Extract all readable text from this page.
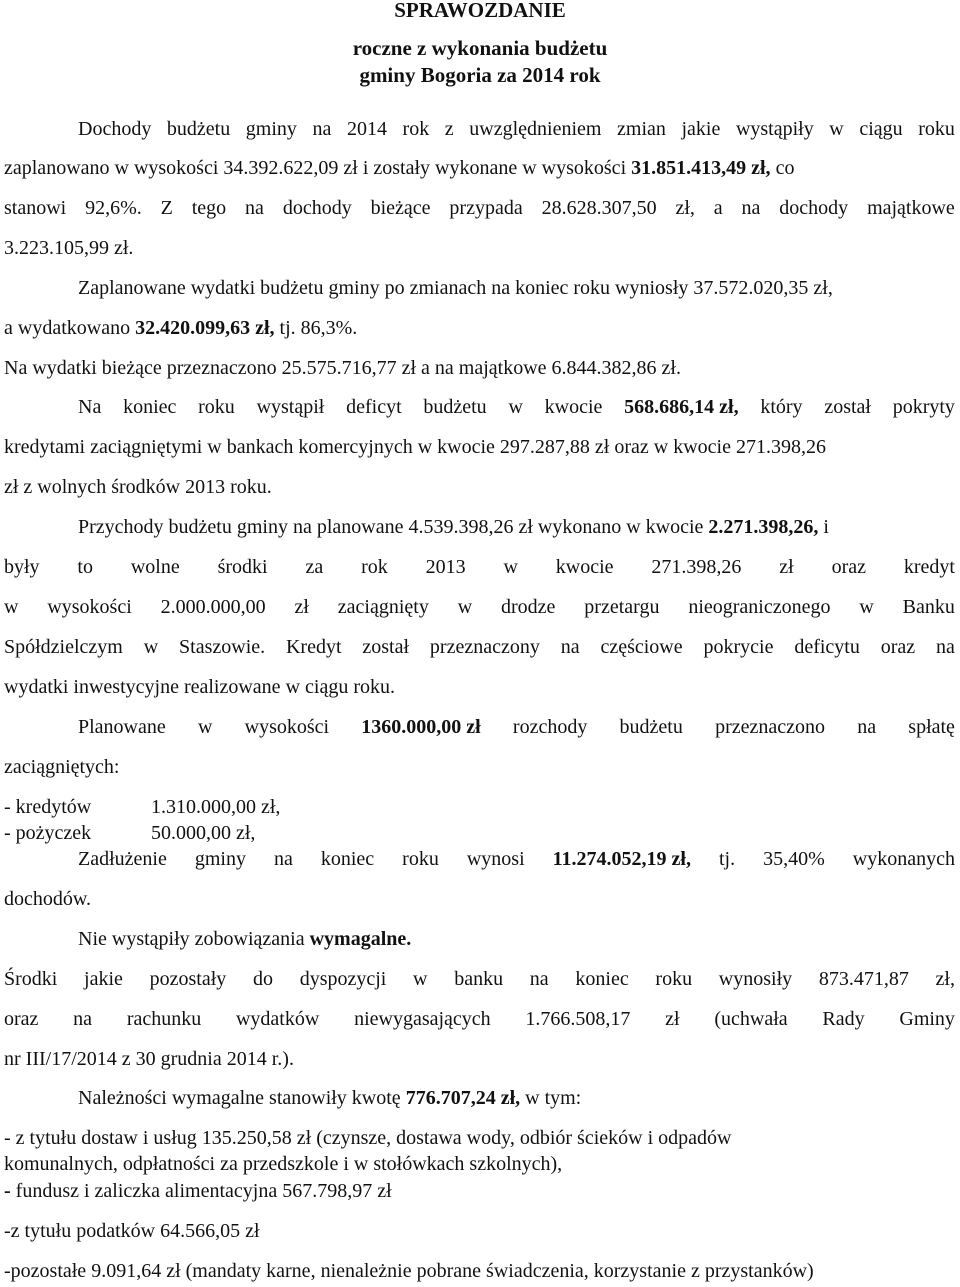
SPRAWOZDANIE
roczne z wykonania budżetu
gminy Bogoria za 2014 rok
Dochody budżetu gminy na 2014 rok z uwzględnieniem zmian jakie wystąpiły w ciągu roku
zaplanowano w wysokości 34.392.622,09 zł i zostały wykonane w wysokości 31.851.413,49 zł, co
stanowi 92,6%. Z tego na dochody bieżące przypada 28.628.307,50 zł, a na dochody majątkowe
3.223.105,99 zł.
Zaplanowane wydatki budżetu gminy po zmianach na koniec roku wyniosły 37.572.020,35 zł,
a wydatkowano 32.420.099,63 zł, tj. 86,3%.
Na wydatki bieżące przeznaczono 25.575.716,77 zł a na majątkowe 6.844.382,86 zł.
Na koniec roku wystąpił deficyt budżetu w kwocie 568.686,14 zł, który został pokryty
kredytami zaciągniętymi w bankach komercyjnych w kwocie 297.287,88 zł oraz w kwocie 271.398,26
zł z wolnych środków 2013 roku.
Przychody budżetu gminy na planowane 4.539.398,26 zł wykonano w kwocie 2.271.398,26, i
były to wolne środki za rok 2013 w kwocie 271.398,26 zł oraz kredyt
w wysokości 2.000.000,00 zł zaciągnięty w drodze przetargu nieograniczonego w Banku
Spółdzielczym w Staszowie. Kredyt został przeznaczony na częściowe pokrycie deficytu oraz na
wydatki inwestycyjne realizowane w ciągu roku.
Planowane w wysokości 1360.000,00 zł rozchody budżetu przeznaczono na spłatę
zaciągniętych:
- kredytów	1.310.000,00 zł,
- pożyczek	50.000,00 zł,
Zadłużenie gminy na koniec roku wynosi 11.274.052,19 zł, tj. 35,40% wykonanych
dochodów.
Nie wystąpiły zobowiązania wymagalne.
Środki jakie pozostały do dyspozycji w banku na koniec roku wynosiły 873.471,87 zł,
oraz na rachunku wydatków niewygasających 1.766.508,17 zł (uchwała Rady Gminy
nr III/17/2014 z 30 grudnia 2014 r.).
Należności wymagalne stanowiły kwotę 776.707,24 zł, w tym:
- z tytułu dostaw i usług 135.250,58 zł (czynsze, dostawa wody, odbiór ścieków i odpadów
komunalnych, odpłatności za przedszkole i w stołówkach szkolnych),
- fundusz i zaliczka alimentacyjna 567.798,97 zł
-z tytułu podatków 64.566,05 zł
-pozostałe 9.091,64 zł (mandaty karne, nienależnie pobrane świadczenia, korzystanie z przystanków)
